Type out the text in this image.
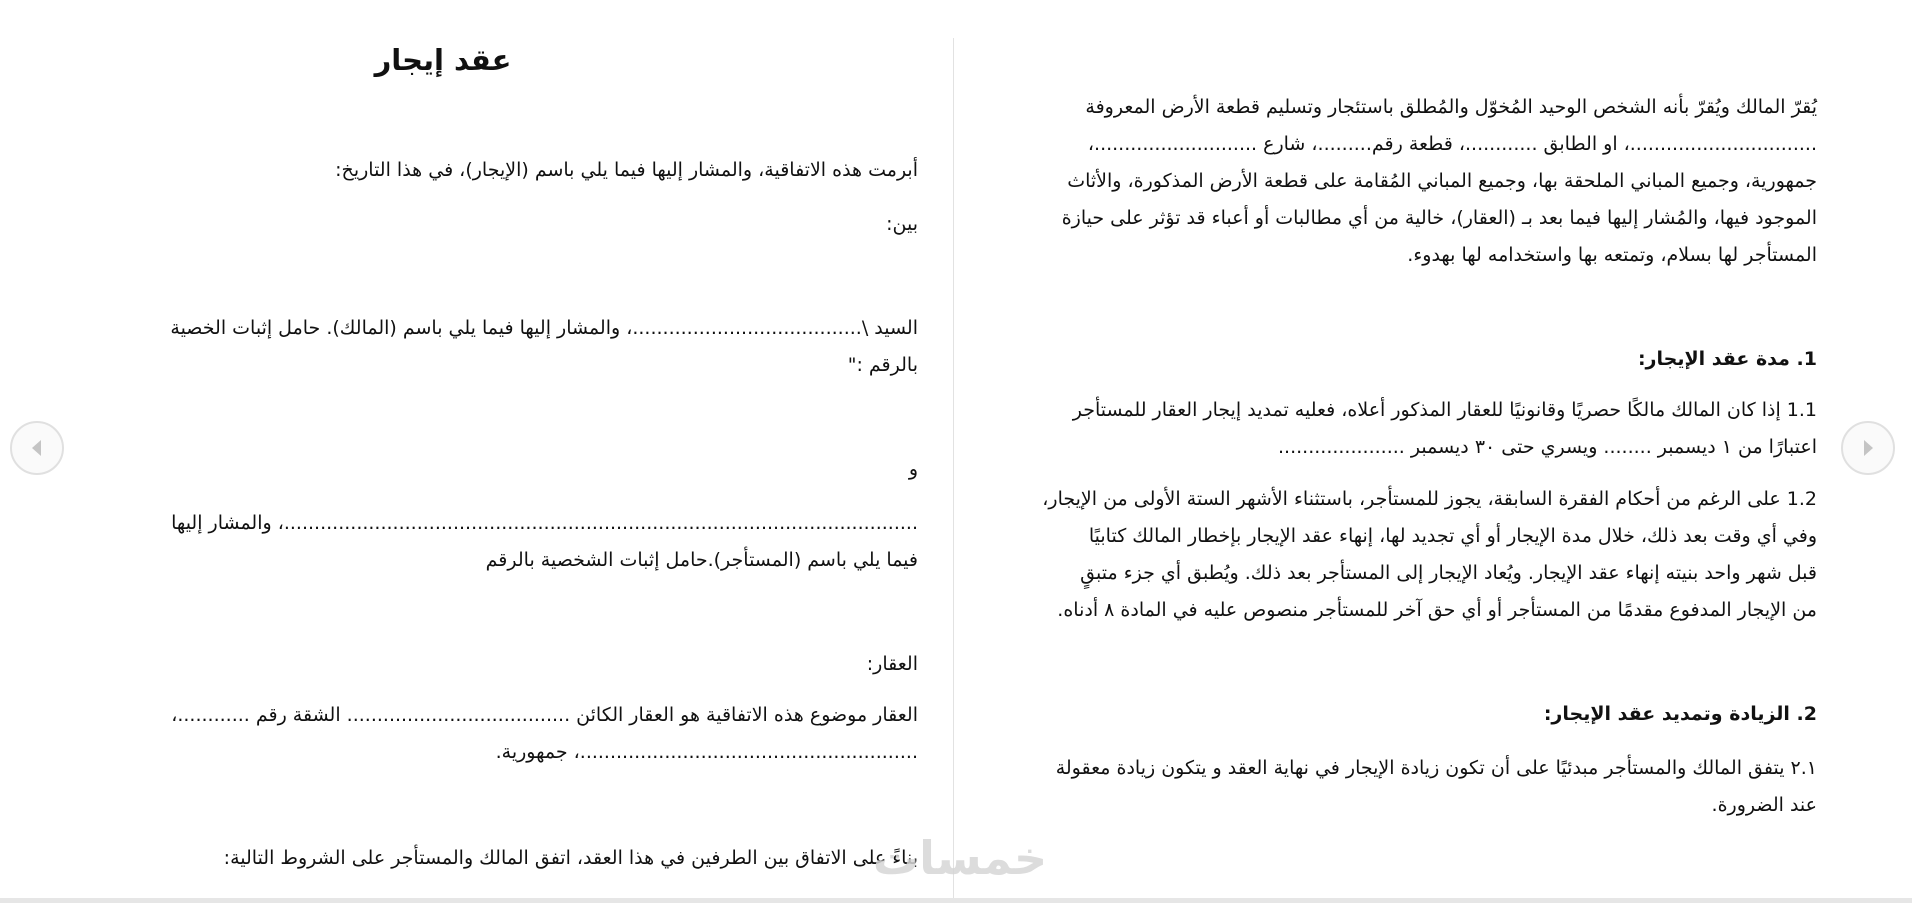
عقد إيجار

أبرمت هذه الاتفاقية، والمشار إليها فيما يلي باسم (الإيجار)، في هذا التاريخ:

بين:

السيد \......................................، والمشار إليها فيما يلي باسم (المالك). حامل إثبات الخصية

بالرقم :"

و

.........................................................................................................، والمشار إليها

فيما يلي باسم (المستأجر).حامل إثبات الشخصية بالرقم

العقار:

العقار موضوع هذه الاتفاقية هو العقار الكائن ..................................... الشقة رقم ............،

........................................................، جمهورية.

بناءً على الاتفاق بين الطرفين في هذا العقد، اتفق المالك والمستأجر على الشروط التالية:

يُقرّ المالك ويُقرّ بأنه الشخص الوحيد المُخوّل والمُطلق باستئجار وتسليم قطعة الأرض المعروفة

...............................، او الطابق ............، قطعة رقم.........، شارع ...........................،

جمهورية، وجميع المباني الملحقة بها، وجميع المباني المُقامة على قطعة الأرض المذكورة، والأثاث

الموجود فيها، والمُشار إليها فيما بعد بـ (العقار)، خالية من أي مطالبات أو أعباء قد تؤثر على حيازة

المستأجر لها بسلام، وتمتعه بها واستخدامه لها بهدوء.

1. مدة عقد الإيجار:

1.1 إذا كان المالك مالكًا حصريًا وقانونيًا للعقار المذكور أعلاه، فعليه تمديد إيجار العقار للمستأجر

اعتبارًا من ١ ديسمبر ........ ويسري حتى ٣٠ ديسمبر .....................

1.2 على الرغم من أحكام الفقرة السابقة، يجوز للمستأجر، باستثناء الأشهر الستة الأولى من الإيجار،

وفي أي وقت بعد ذلك، خلال مدة الإيجار أو أي تجديد لها، إنهاء عقد الإيجار بإخطار المالك كتابيًا

قبل شهر واحد بنيته إنهاء عقد الإيجار. ويُعاد الإيجار إلى المستأجر بعد ذلك. ويُطبق أي جزء متبقٍ

من الإيجار المدفوع مقدمًا من المستأجر أو أي حق آخر للمستأجر منصوص عليه في المادة ٨ أدناه.

2. الزيادة وتمديد عقد الإيجار:

٢.١ يتفق المالك والمستأجر مبدئيًا على أن تكون زيادة الإيجار في نهاية العقد و يتكون زيادة معقولة

عند الضرورة.

خمسات
